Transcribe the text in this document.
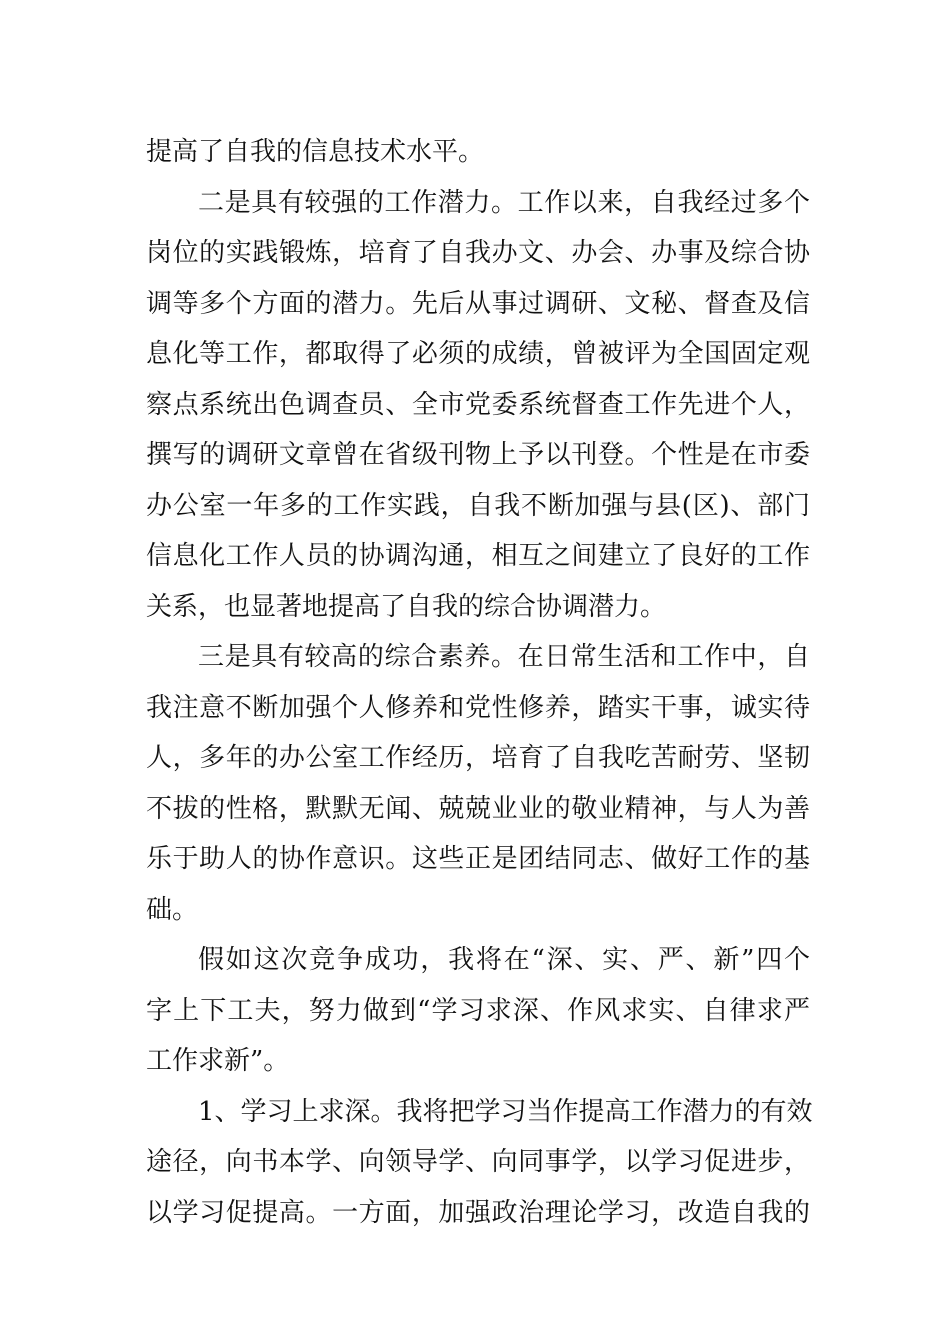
提高了自我的信息技术水平。
二是具有较强的工作潜力。工作以来，自我经过多个
岗位的实践锻炼，培育了自我办文、办会、办事及综合协
调等多个方面的潜力。先后从事过调研、文秘、督查及信
息化等工作，都取得了必须的成绩，曾被评为全国固定观
察点系统出色调查员、全市党委系统督查工作先进个人，
撰写的调研文章曾在省级刊物上予以刊登。个性是在市委
办公室一年多的工作实践，自我不断加强与县(区)、部门
信息化工作人员的协调沟通，相互之间建立了良好的工作
关系，也显著地提高了自我的综合协调潜力。
三是具有较高的综合素养。在日常生活和工作中，自
我注意不断加强个人修养和党性修养，踏实干事，诚实待
人，多年的办公室工作经历，培育了自我吃苦耐劳、坚韧
不拔的性格，默默无闻、兢兢业业的敬业精神，与人为善
乐于助人的协作意识。这些正是团结同志、做好工作的基
础。
假如这次竞争成功，我将在“深、实、严、新”四个
字上下工夫，努力做到“学习求深、作风求实、自律求严
工作求新”。
1、学习上求深。我将把学习当作提高工作潜力的有效
途径，向书本学、向领导学、向同事学，以学习促进步，
以学习促提高。一方面，加强政治理论学习，改造自我的
